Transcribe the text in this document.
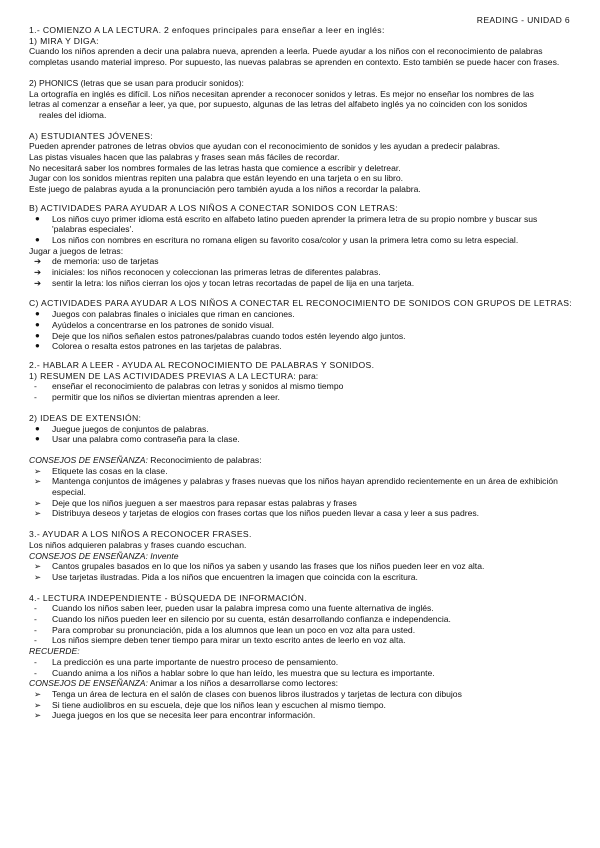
READING - UNIDAD 6
1.- COMIENZO A LA LECTURA. 2 enfoques principales para enseñar a leer en inglés:
1) MIRA Y DIGA:
Cuando los niños aprenden a decir una palabra nueva, aprenden a leerla. Puede ayudar a los niños con el reconocimiento de palabras
completas usando material impreso. Por supuesto, las nuevas palabras se aprenden en contexto. Esto también se puede hacer con frases.
2) PHONICS (letras que se usan para producir sonidos):
La ortografía en inglés es difícil. Los niños necesitan aprender a reconocer sonidos y letras. Es mejor no enseñar los nombres de las
letras al comenzar a enseñar a leer, ya que, por supuesto, algunas de las letras del alfabeto inglés ya no coinciden con los sonidos
reales del idioma.
A) ESTUDIANTES JÓVENES:
Pueden aprender patrones de letras obvios que ayudan con el reconocimiento de sonidos y les ayudan a predecir palabras.
Las pistas visuales hacen que las palabras y frases sean más fáciles de recordar.
No necesitará saber los nombres formales de las letras hasta que comience a escribir y deletrear.
Jugar con los sonidos mientras repiten una palabra que están leyendo en una tarjeta o en su libro.
Este juego de palabras ayuda a la pronunciación pero también ayuda a los niños a recordar la palabra.
B) ACTIVIDADES PARA AYUDAR A LOS NIÑOS A CONECTAR SONIDOS CON LETRAS:
● Los niños cuyo primer idioma está escrito en alfabeto latino pueden aprender la primera letra de su propio nombre y buscar sus
'palabras especiales'.
● Los niños con nombres en escritura no romana eligen su favorito cosa/color y usan la primera letra como su letra especial.
Jugar a juegos de letras:
➔ de memoria: uso de tarjetas
➔ iniciales: los niños reconocen y coleccionan las primeras letras de diferentes palabras.
➔ sentir la letra: los niños cierran los ojos y tocan letras recortadas de papel de lija en una tarjeta.
C) ACTIVIDADES PARA AYUDAR A LOS NIÑOS A CONECTAR EL RECONOCIMIENTO DE SONIDOS CON GRUPOS DE LETRAS:
● Juegos con palabras finales o iniciales que riman en canciones.
● Ayúdelos a concentrarse en los patrones de sonido visual.
● Deje que los niños señalen estos patrones/palabras cuando todos estén leyendo algo juntos.
● Colorea o resalta estos patrones en las tarjetas de palabras.
2.- HABLAR A LEER - AYUDA AL RECONOCIMIENTO DE PALABRAS Y SONIDOS.
1) RESUMEN DE LAS ACTIVIDADES PREVIAS A LA LECTURA: para:
- enseñar el reconocimiento de palabras con letras y sonidos al mismo tiempo
- permitir que los niños se diviertan mientras aprenden a leer.
2) IDEAS DE EXTENSIÓN:
● Juegue juegos de conjuntos de palabras.
● Usar una palabra como contraseña para la clase.
CONSEJOS DE ENSEÑANZA: Reconocimiento de palabras:
➢ Etiquete las cosas en la clase.
➢ Mantenga conjuntos de imágenes y palabras y frases nuevas que los niños hayan aprendido recientemente en un área de exhibición
especial.
➢ Deje que los niños jueguen a ser maestros para repasar estas palabras y frases
➢ Distribuya deseos y tarjetas de elogios con frases cortas que los niños pueden llevar a casa y leer a sus padres.
3.- AYUDAR A LOS NIÑOS A RECONOCER FRASES.
Los niños adquieren palabras y frases cuando escuchan.
CONSEJOS DE ENSEÑANZA: Invente
➢ Cantos grupales basados en lo que los niños ya saben y usando las frases que los niños pueden leer en voz alta.
➢ Use tarjetas ilustradas. Pida a los niños que encuentren la imagen que coincida con la escritura.
4.- LECTURA INDEPENDIENTE - BÚSQUEDA DE INFORMACIÓN.
- Cuando los niños saben leer, pueden usar la palabra impresa como una fuente alternativa de inglés.
- Cuando los niños pueden leer en silencio por su cuenta, están desarrollando confianza e independencia.
- Para comprobar su pronunciación, pida a los alumnos que lean un poco en voz alta para usted.
- Los niños siempre deben tener tiempo para mirar un texto escrito antes de leerlo en voz alta.
RECUERDE:
- La predicción es una parte importante de nuestro proceso de pensamiento.
- Cuando anima a los niños a hablar sobre lo que han leído, les muestra que su lectura es importante.
CONSEJOS DE ENSEÑANZA: Animar a los niños a desarrollarse como lectores:
➢ Tenga un área de lectura en el salón de clases con buenos libros ilustrados y tarjetas de lectura con dibujos
➢ Si tiene audiolibros en su escuela, deje que los niños lean y escuchen al mismo tiempo.
➢ Juega juegos en los que se necesita leer para encontrar información.
